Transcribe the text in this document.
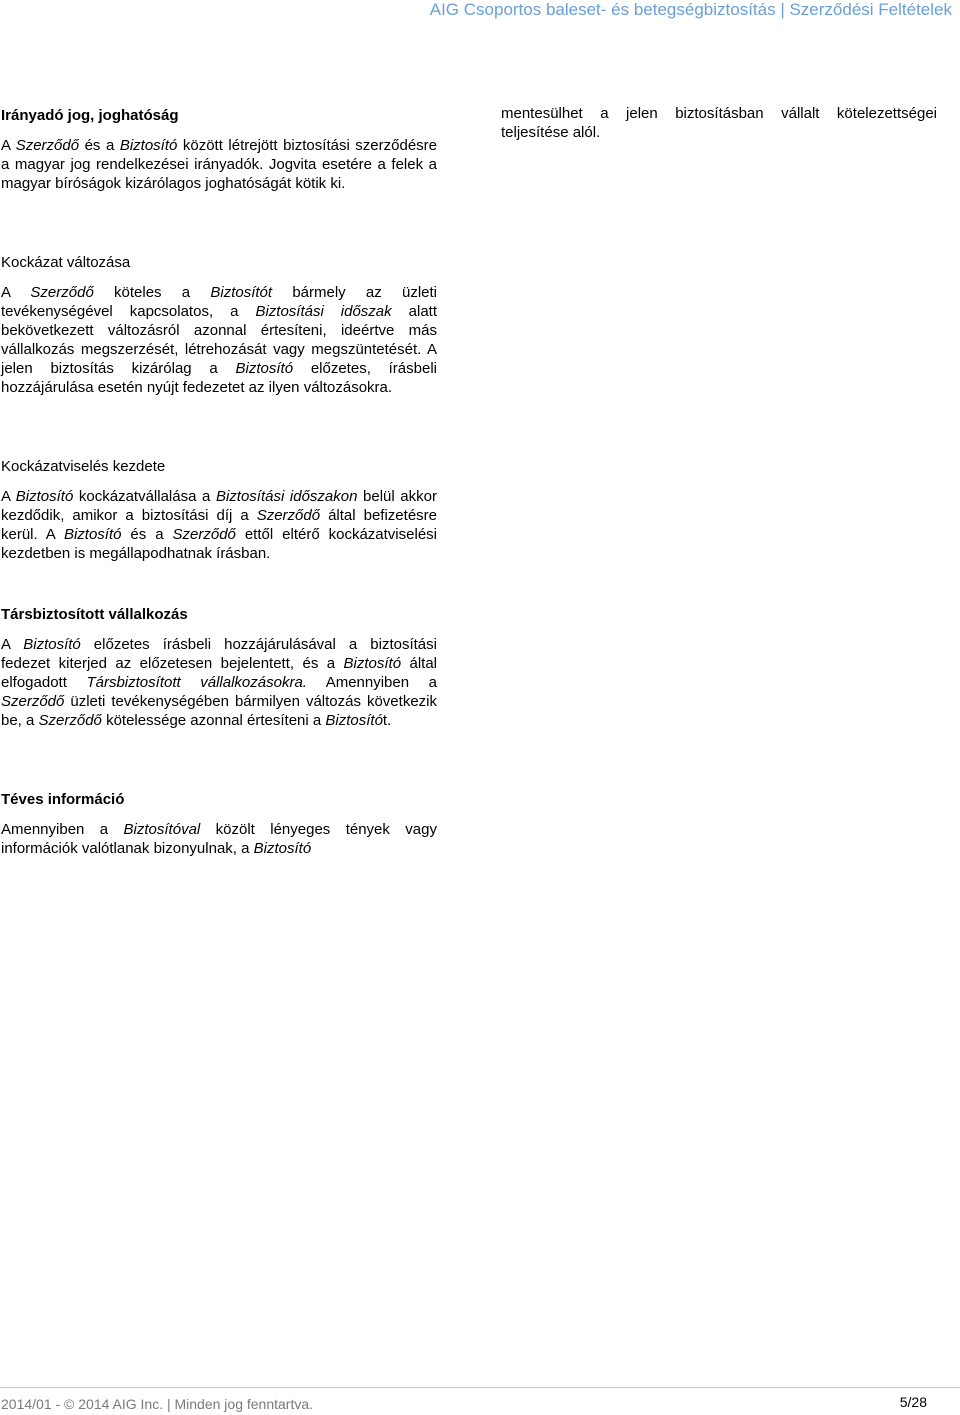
AIG Csoportos baleset- és betegségbiztosítás | Szerződési Feltételek
Irányadó jog, joghatóság

A Szerződő és a Biztosító között létrejött biztosítási szerződésre a magyar jog rendelkezései irányadók. Jogvita esetére a felek a magyar bíróságok kizárólagos joghatóságát kötik ki.

Kockázat változása

A Szerződő köteles a Biztosítót bármely az üzleti tevékenységével kapcsolatos, a Biztosítási időszak alatt bekövetkezett változásról azonnal értesíteni, ideértve más vállalkozás megszerzését, létrehozását vagy megszüntetését. A jelen biztosítás kizárólag a Biztosító előzetes, írásbeli hozzájárulása esetén nyújt fedezetet az ilyen változásokra.

Kockázatviselés kezdete

A Biztosító kockázatvállalása a Biztosítási időszakon belül akkor kezdődik, amikor a biztosítási díj a Szerződő által befizetésre kerül. A Biztosító és a Szerződő ettől eltérő kockázatviselési kezdetben is megállapodhatnak írásban.

Társbiztosított vállalkozás

A Biztosító előzetes írásbeli hozzájárulásával a biztosítási fedezet kiterjed az előzetesen bejelentett, és a Biztosító által elfogadott Társbiztosított vállalkozásokra. Amennyiben a Szerződő üzleti tevékenységében bármilyen változás következik be, a Szerződő kötelessége azonnal értesíteni a Biztosítót.

Téves információ

Amennyiben a Biztosítóval közölt lényeges tények vagy információk valótlanak bizonyulnak, a Biztosító

mentesülhet a jelen biztosításban vállalt kötelezettségei teljesítése alól.

2014/01 - © 2014 AIG Inc. | Minden jog fenntartva.	5/28
